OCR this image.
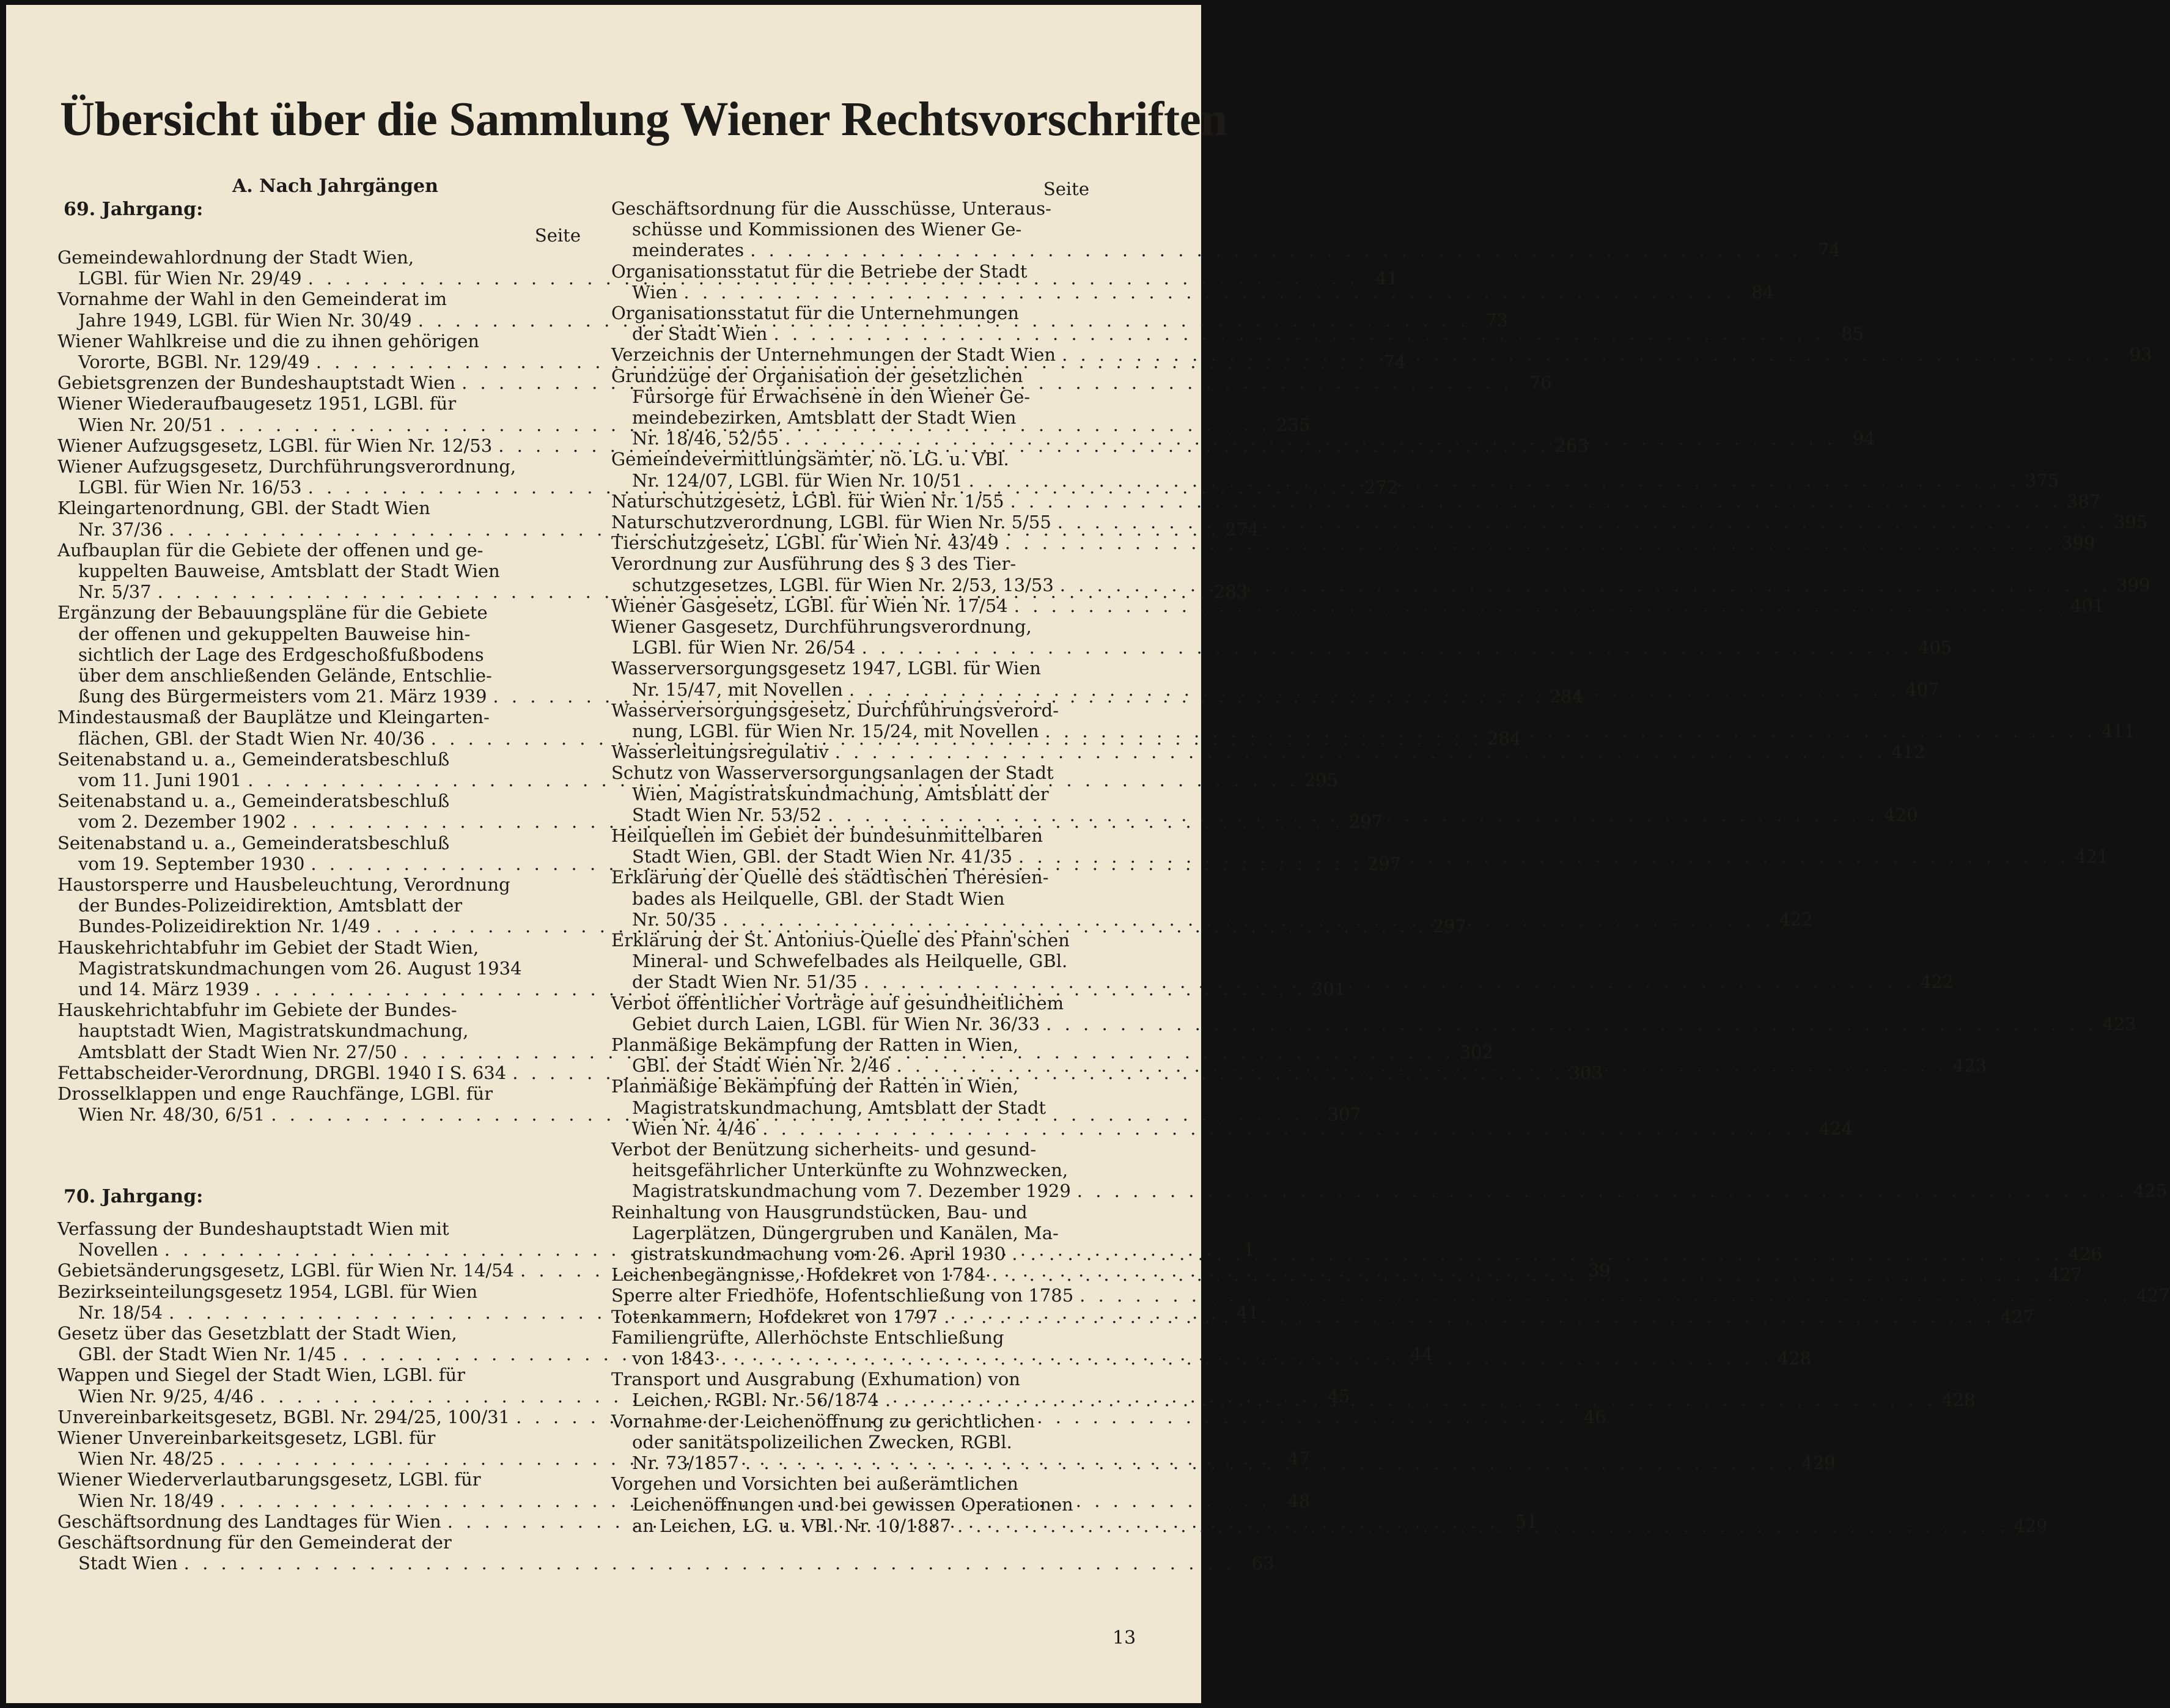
Übersicht über die Sammlung Wiener Rechtsvorschriften
A. Nach Jahrgängen
69. Jahrgang:
Seite
Gemeindewahlordnung der Stadt Wien,
LGBl. für Wien Nr. 29/49 . . .	41
Vornahme der Wahl in den Gemeinderat im
Jahre 1949, LGBl. für Wien Nr. 30/49 . . .	73
Wiener Wahlkreise und die zu ihnen gehörigen
Vororte, BGBl. Nr. 129/49 . . .	74
Gebietsgrenzen der Bundeshauptstadt Wien . . .	76
Wiener Wiederaufbaugesetz 1951, LGBl. für
Wien Nr. 20/51 . . .	235
Wiener Aufzugsgesetz, LGBl. für Wien Nr. 12/53 . . .	263
Wiener Aufzugsgesetz, Durchführungsverordnung,
LGBl. für Wien Nr. 16/53 . . .	272
Kleingartenordnung, GBl. der Stadt Wien
Nr. 37/36 . . .	274
Aufbauplan für die Gebiete der offenen und ge-
kuppelten Bauweise, Amtsblatt der Stadt Wien
Nr. 5/37 . . .	283
Ergänzung der Bebauungspläne für die Gebiete
der offenen und gekuppelten Bauweise hin-
sichtlich der Lage des Erdgeschoßfußbodens
über dem anschließenden Gelände, Entschlie-
ßung des Bürgermeisters vom 21. März 1939 . . .	284
Mindestausmaß der Bauplätze und Kleingarten-
flächen, GBl. der Stadt Wien Nr. 40/36 . . .	284
Seitenabstand u. a., Gemeinderatsbeschluß
vom 11. Juni 1901 . . .	295
Seitenabstand u. a., Gemeinderatsbeschluß
vom 2. Dezember 1902 . . .	297
Seitenabstand u. a., Gemeinderatsbeschluß
vom 19. September 1930 . . .	297
Haustorsperre und Hausbeleuchtung, Verordnung
der Bundes-Polizeidirektion, Amtsblatt der
Bundes-Polizeidirektion Nr. 1/49 . . .	297
Hauskehrichtabfuhr im Gebiet der Stadt Wien,
Magistratskundmachungen vom 26. August 1934
und 14. März 1939 . . .	301
Hauskehrichtabfuhr im Gebiete der Bundes-
hauptstadt Wien, Magistratskundmachung,
Amtsblatt der Stadt Wien Nr. 27/50 . . .	302
Fettabscheider-Verordnung, DRGBl. 1940 I S. 634 . . .	303
Drosselklappen und enge Rauchfänge, LGBl. für
Wien Nr. 48/30, 6/51 . . .	307
70. Jahrgang:
Verfassung der Bundeshauptstadt Wien mit
Novellen . . .	1
Gebietsänderungsgesetz, LGBl. für Wien Nr. 14/54 . . .	39
Bezirkseinteilungsgesetz 1954, LGBl. für Wien
Nr. 18/54 . . .	41
Gesetz über das Gesetzblatt der Stadt Wien,
GBl. der Stadt Wien Nr. 1/45 . . .	44
Wappen und Siegel der Stadt Wien, LGBl. für
Wien Nr. 9/25, 4/46 . . .	45
Unvereinbarkeitsgesetz, BGBl. Nr. 294/25, 100/31 . . .	46
Wiener Unvereinbarkeitsgesetz, LGBl. für
Wien Nr. 48/25 . . .	47
Wiener Wiederverlautbarungsgesetz, LGBl. für
Wien Nr. 18/49 . . .	48
Geschäftsordnung des Landtages für Wien . . .	51
Geschäftsordnung für den Gemeinderat der
Stadt Wien . . .	63
Seite
Geschäftsordnung für die Ausschüsse, Unteraus-
schüsse und Kommissionen des Wiener Ge-
meinderates . . .	74
Organisationsstatut für die Betriebe der Stadt
Wien . . .	84
Organisationsstatut für die Unternehmungen
der Stadt Wien . . .	85
Verzeichnis der Unternehmungen der Stadt Wien . . .	93
Grundzüge der Organisation der gesetzlichen
Fürsorge für Erwachsene in den Wiener Ge-
meindebezirken, Amtsblatt der Stadt Wien
Nr. 18/46, 52/55 . . .	94
Gemeindevermittlungsämter, nö. LG. u. VBl.
Nr. 124/07, LGBl. für Wien Nr. 10/51 . . .	375
Naturschutzgesetz, LGBl. für Wien Nr. 1/55 . . .	387
Naturschutzverordnung, LGBl. für Wien Nr. 5/55 . . .	395
Tierschutzgesetz, LGBl. für Wien Nr. 43/49 . . .	399
Verordnung zur Ausführung des § 3 des Tier-
schutzgesetzes, LGBl. für Wien Nr. 2/53, 13/53 . . .	399
Wiener Gasgesetz, LGBl. für Wien Nr. 17/54 . . .	401
Wiener Gasgesetz, Durchführungsverordnung,
LGBl. für Wien Nr. 26/54 . . .	405
Wasserversorgungsgesetz 1947, LGBl. für Wien
Nr. 15/47, mit Novellen . . .	407
Wasserversorgungsgesetz, Durchführungsverord-
nung, LGBl. für Wien Nr. 15/24, mit Novellen . . .	411
Wasserleitungsregulativ . . .	412
Schutz von Wasserversorgungsanlagen der Stadt
Wien, Magistratskundmachung, Amtsblatt der
Stadt Wien Nr. 53/52 . . .	420
Heilquellen im Gebiet der bundesunmittelbaren
Stadt Wien, GBl. der Stadt Wien Nr. 41/35 . . .	421
Erklärung der Quelle des städtischen Theresien-
bades als Heilquelle, GBl. der Stadt Wien
Nr. 50/35 . . .	422
Erklärung der St. Antonius-Quelle des Pfann'schen
Mineral- und Schwefelbades als Heilquelle, GBl.
der Stadt Wien Nr. 51/35 . . .	422
Verbot öffentlicher Vorträge auf gesundheitlichem
Gebiet durch Laien, LGBl. für Wien Nr. 36/33 . . .	423
Planmäßige Bekämpfung der Ratten in Wien,
GBl. der Stadt Wien Nr. 2/46 . . .	423
Planmäßige Bekämpfung der Ratten in Wien,
Magistratskundmachung, Amtsblatt der Stadt
Wien Nr. 4/46 . . .	424
Verbot der Benützung sicherheits- und gesund-
heitsgefährlicher Unterkünfte zu Wohnzwecken,
Magistratskundmachung vom 7. Dezember 1929 . . .	425
Reinhaltung von Hausgrundstücken, Bau- und
Lagerplätzen, Düngergruben und Kanälen, Ma-
gistratskundmachung vom 26. April 1930 . . .	426
Leichenbegängnisse, Hofdekret von 1784 . . .	427
Sperre alter Friedhöfe, Hofentschließung von 1785 . . .	427
Totenkammern, Hofdekret von 1797 . . .	427
Familiengrüfte, Allerhöchste Entschließung
von 1843 . . .	428
Transport und Ausgrabung (Exhumation) von
Leichen, RGBl. Nr. 56/1874 . . .	428
Vornahme der Leichenöffnung zu gerichtlichen
oder sanitätspolizeilichen Zwecken, RGBl.
Nr. 73/1857 . . .	429
Vorgehen und Vorsichten bei außerämtlichen
Leichenöffnungen und bei gewissen Operationen
an Leichen, LG. u. VBl. Nr. 10/1887 . . .	429
13
